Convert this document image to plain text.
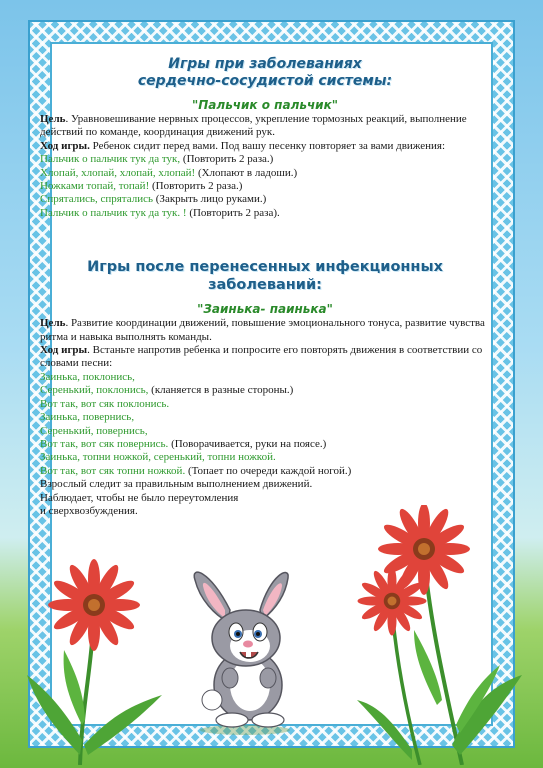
Игры при заболеваниях
сердечно-сосудистой системы:
"Пальчик о пальчик"

Цель. Уравновешивание нервных процессов, укрепление тормозных реакций, выполнение действий по команде, координация движений рук.

Ход игры. Ребенок сидит перед вами. Под вашу песенку повторяет за вами движения:

Пальчик о пальчик тук да тук, (Повторить 2 раза.)

Хлопай, хлопай, хлопай, хлопай! (Хлопают в ладоши.)

Ножками топай, топай! (Повторить 2 раза.)

Спрятались, спрятались (Закрыть лицо руками.)

Пальчик о пальчик тук да тук. ! (Повторить 2 раза).

Игры после перенесенных инфекционных
заболеваний:
"Заинька- паинька"

Цель. Развитие координации движений, повышение эмоционального тонуса, развитие чувства ритма и навыка выполнять команды.

Ход игры. Встаньте напротив ребенка и попросите его повторять движения в соответствии со словами песни:

Заинька, поклонись,

Серенький, поклонись, (кланяется в разные стороны.)

Вот так, вот сяк поклонись.

Заинька, повернись,

Серенький, повернись,

Вот так, вот сяк повернись. (Поворачивается, руки на поясе.)

Заинька, топни ножкой, серенький, топни ножкой.

Вот так, вот сяк топни ножкой. (Топает по очереди каждой ногой.)

Взрослый следит за правильным выполнением движений.

Наблюдает, чтобы не было переутомления

и сверхвозбуждения.
